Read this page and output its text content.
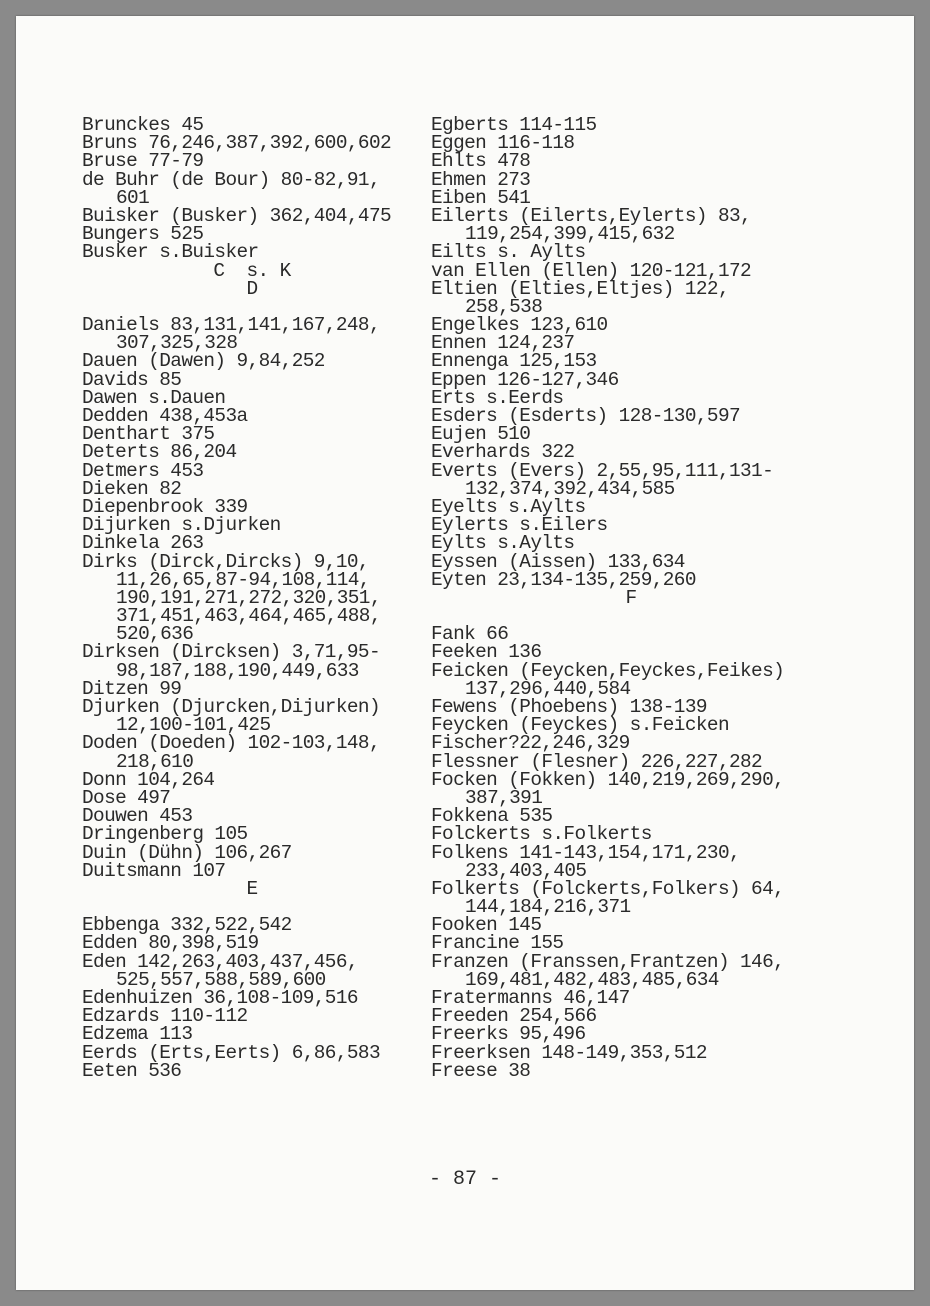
Brunckes 45
Bruns 76,246,387,392,600,602
Bruse 77-79
de Buhr (de Bour) 80-82,91,
601
Buisker (Busker) 362,404,475
Bungers 525
Busker s.Buisker
C  s. K
D
Daniels 83,131,141,167,248,
307,325,328
Dauen (Dawen) 9,84,252
Davids 85
Dawen s.Dauen
Dedden 438,453a
Denthart 375
Deterts 86,204
Detmers 453
Dieken 82
Diepenbrook 339
Dijurken s.Djurken
Dinkela 263
Dirks (Dirck,Dircks) 9,10,
11,26,65,87-94,108,114,
190,191,271,272,320,351,
371,451,463,464,465,488,
520,636
Dirksen (Dircksen) 3,71,95-
98,187,188,190,449,633
Ditzen 99
Djurken (Djurcken,Dijurken)
12,100-101,425
Doden (Doeden) 102-103,148,
218,610
Donn 104,264
Dose 497
Douwen 453
Dringenberg 105
Duin (Dühn) 106,267
Duitsmann 107
E
Ebbenga 332,522,542
Edden 80,398,519
Eden 142,263,403,437,456,
525,557,588,589,600
Edenhuizen 36,108-109,516
Edzards 110-112
Edzema 113
Eerds (Erts,Eerts) 6,86,583
Eeten 536
Egberts 114-115
Eggen 116-118
Ehlts 478
Ehmen 273
Eiben 541
Eilerts (Eilerts,Eylerts) 83,
119,254,399,415,632
Eilts s. Aylts
van Ellen (Ellen) 120-121,172
Eltien (Elties,Eltjes) 122,
258,538
Engelkes 123,610
Ennen 124,237
Ennenga 125,153
Eppen 126-127,346
Erts s.Eerds
Esders (Esderts) 128-130,597
Eujen 510
Everhards 322
Everts (Evers) 2,55,95,111,131-
132,374,392,434,585
Eyelts s.Aylts
Eylerts s.Eilers
Eylts s.Aylts
Eyssen (Aissen) 133,634
Eyten 23,134-135,259,260
F
Fank 66
Feeken 136
Feicken (Feycken,Feyckes,Feikes)
137,296,440,584
Fewens (Phoebens) 138-139
Feycken (Feyckes) s.Feicken
Fischer?22,246,329
Flessner (Flesner) 226,227,282
Focken (Fokken) 140,219,269,290,
387,391
Fokkena 535
Folckerts s.Folkerts
Folkens 141-143,154,171,230,
233,403,405
Folkerts (Folckerts,Folkers) 64,
144,184,216,371
Fooken 145
Francine 155
Franzen (Franssen,Frantzen) 146,
169,481,482,483,485,634
Fratermanns 46,147
Freeden 254,566
Freerks 95,496
Freerksen 148-149,353,512
Freese 38
- 87 -
